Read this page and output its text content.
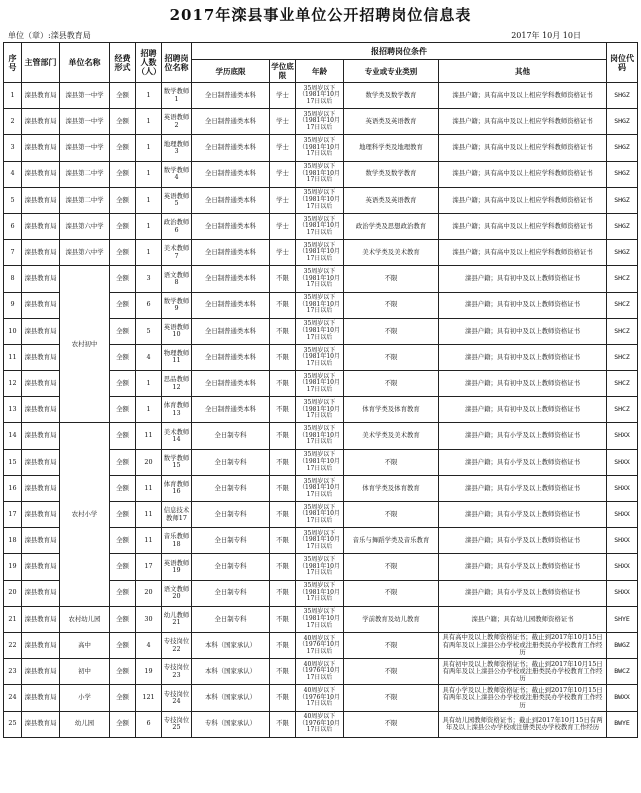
2017年滦县事业单位公开招聘岗位信息表
单位（章）:滦县教育局	2017年 10月 10日
序号	主管部门	单位名称	经费形式	招聘人数（人）	招聘岗位名称	报招聘岗位条件					岗位代码
						学历底限	学位底限	年龄	专业或专业类别	其他	
1	滦县教育局	滦县第一中学	全额	1	数学教师1	全日制普通类本科	学士	35周岁以下（1981年10月17日以后	数学类及数学教育	滦县户籍；具有高中及以上相应学科教师资格证书	SHGZ
2	滦县教育局	滦县第一中学	全额	1	英语教师2	全日制普通类本科	学士	35周岁以下（1981年10月17日以后	英语类及英语教育	滦县户籍；具有高中及以上相应学科教师资格证书	SHGZ
3	滦县教育局	滦县第一中学	全额	1	地理教师3	全日制普通类本科	学士	35周岁以下（1981年10月17日以后	地理科学类及地理教育	滦县户籍；具有高中及以上相应学科教师资格证书	SHGZ
4	滦县教育局	滦县第二中学	全额	1	数学教师4	全日制普通类本科	学士	35周岁以下（1981年10月17日以后	数学类及数学教育	滦县户籍；具有高中及以上相应学科教师资格证书	SHGZ
5	滦县教育局	滦县第二中学	全额	1	英语教师5	全日制普通类本科	学士	35周岁以下（1981年10月17日以后	英语类及英语教育	滦县户籍；具有高中及以上相应学科教师资格证书	SHGZ
6	滦县教育局	滦县第六中学	全额	1	政治教师6	全日制普通类本科	学士	35周岁以下（1981年10月17日以后	政治学类及思想政治教育	滦县户籍；具有高中及以上相应学科教师资格证书	SHGZ
7	滦县教育局	滦县第六中学	全额	1	美术教师7	全日制普通类本科	学士	35周岁以下（1981年10月17日以后	美术学类及美术教育	滦县户籍；具有高中及以上相应学科教师资格证书	SHGZ
8	滦县教育局	农村初中	全额	3	语文教师8	全日制普通类本科	不限	35周岁以下（1981年10月17日以后	不限	滦县户籍；具有初中及以上教师资格证书	SHCZ
9	滦县教育局		全额	6	数学教师9	全日制普通类本科	不限	35周岁以下（1981年10月17日以后	不限	滦县户籍；具有初中及以上教师资格证书	SHCZ
10	滦县教育局		全额	5	英语教师10	全日制普通类本科	不限	35周岁以下（1981年10月17日以后	不限	滦县户籍；具有初中及以上教师资格证书	SHCZ
11	滦县教育局		全额	4	物理教师11	全日制普通类本科	不限	35周岁以下（1981年10月17日以后	不限	滦县户籍；具有初中及以上教师资格证书	SHCZ
12	滦县教育局		全额	1	思品教师12	全日制普通类本科	不限	35周岁以下（1981年10月17日以后	不限	滦县户籍；具有初中及以上教师资格证书	SHCZ
13	滦县教育局		全额	1	体育教师13	全日制普通类本科	不限	35周岁以下（1981年10月17日以后	体育学类及体育教育	滦县户籍；具有初中及以上教师资格证书	SHCZ
14	滦县教育局	农村小学	全额	11	美术教师14	全日制专科	不限	35周岁以下（1981年10月17日以后	美术学类及美术教育	滦县户籍；具有小学及以上教师资格证书	SHXX
15	滦县教育局		全额	20	数学教师15	全日制专科	不限	35周岁以下（1981年10月17日以后	不限	滦县户籍；具有小学及以上教师资格证书	SHXX
16	滦县教育局		全额	11	体育教师16	全日制专科	不限	35周岁以下（1981年10月17日以后	体育学类及体育教育	滦县户籍；具有小学及以上教师资格证书	SHXX
17	滦县教育局		全额	11	信息技术教师17	全日制专科	不限	35周岁以下（1981年10月17日以后	不限	滦县户籍；具有小学及以上教师资格证书	SHXX
18	滦县教育局		全额	11	音乐教师18	全日制专科	不限	35周岁以下（1981年10月17日以后	音乐与舞蹈学类及音乐教育	滦县户籍；具有小学及以上教师资格证书	SHXX
19	滦县教育局		全额	17	英语教师19	全日制专科	不限	35周岁以下（1981年10月17日以后	不限	滦县户籍；具有小学及以上教师资格证书	SHXX
20	滦县教育局		全额	20	语文教师20	全日制专科	不限	35周岁以下（1981年10月17日以后	不限	滦县户籍；具有小学及以上教师资格证书	SHXX
21	滦县教育局	农村幼儿园	全额	30	幼儿教师21	全日制专科	不限	35周岁以下（1981年10月17日以后	学前教育及幼儿教育	滦县户籍；具有幼儿园教师资格证书	SHYE
22	滦县教育局	高中	全额	4	专技岗位22	本科（国家承认）	不限	40周岁以下（1976年10月17日以后	不限	具有高中及以上教师资格证书；截止到2017年10月15日有两年及以上滦县公办学校或注册类民办学校教育工作经历	BWGZ
23	滦县教育局	初中	全额	19	专技岗位23	本科（国家承认）	不限	40周岁以下（1976年10月17日以后	不限	具有初中及以上教师资格证书；截止到2017年10月15日有两年及以上滦县公办学校或注册类民办学校教育工作经历	BWCZ
24	滦县教育局	小学	全额	121	专技岗位24	本科（国家承认）	不限	40周岁以下（1976年10月17日以后	不限	具有小学及以上教师资格证书；截止到2017年10月15日有两年及以上滦县公办学校或注册类民办学校教育工作经历	BWXX
25	滦县教育局	幼儿园	全额	6	专技岗位25	专科（国家承认）	不限	40周岁以下（1976年10月17日以后	不限	具有幼儿园教师资格证书；截止到2017年10月15日有两年及以上滦县公办学校或注册类民办学校教育工作经历	BWYE
